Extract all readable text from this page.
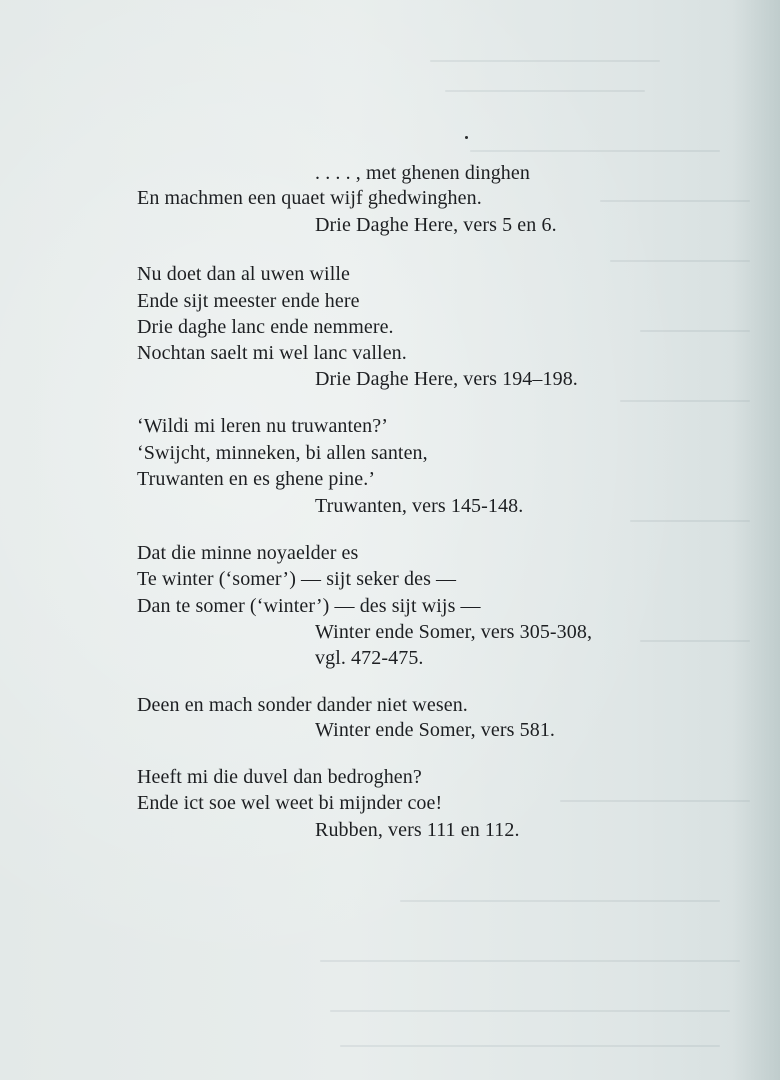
. . . . , met ghenen dinghen
En machmen een quaet wijf ghedwinghen.
Drie Daghe Here, vers 5 en 6.
Nu doet dan al uwen wille
Ende sijt meester ende here
Drie daghe lanc ende nemmere.
Nochtan saelt mi wel lanc vallen.
Drie Daghe Here, vers 194–198.
‘Wildi mi leren nu truwanten?’
‘Swijcht, minneken, bi allen santen,
Truwanten en es ghene pine.’
Truwanten, vers 145-148.
Dat die minne noyaelder es
Te winter (‘somer’) — sijt seker des —
Dan te somer (‘winter’) — des sijt wijs —
Winter ende Somer, vers 305-308,
vgl. 472-475.
Deen en mach sonder dander niet wesen.
Winter ende Somer, vers 581.
Heeft mi die duvel dan bedroghen?
Ende ict soe wel weet bi mijnder coe!
Rubben, vers 111 en 112.
